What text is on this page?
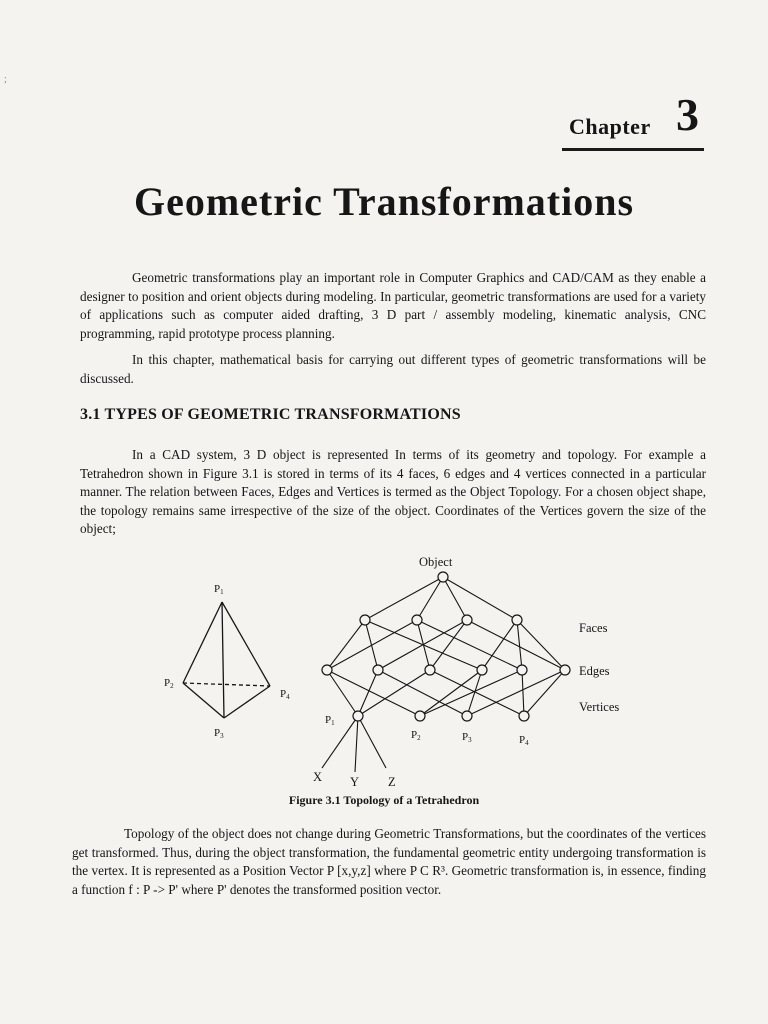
;
Chapter 3
Geometric Transformations
Geometric transformations play an important role in Computer Graphics and CAD/CAM as they enable a designer to position and orient objects during modeling. In particular, geometric transformations are used for a variety of applications such as computer aided drafting, 3 D part / assembly modeling, kinematic analysis, CNC programming, rapid prototype process planning.
In this chapter, mathematical basis for carrying out different types of geometric transformations will be discussed.
3.1 TYPES OF GEOMETRIC TRANSFORMATIONS
In a CAD system, 3 D object is represented In terms of its geometry and topology. For example a Tetrahedron shown in Figure 3.1 is stored in terms of its 4 faces, 6 edges and 4 vertices connected in a particular manner. The relation between Faces, Edges and Vertices is termed as the Object Topology. For a chosen object shape, the topology remains same irrespective of the size of the object. Coordinates of the Vertices govern the size of the object;
P1
P2
P3
P4
Object
Faces
Edges
Vertices
P1
P2	P3	P4
X Y Z
Figure 3.1 Topology of a Tetrahedron
Topology of the object does not change during Geometric Transformations, but the coordinates of the vertices get transformed. Thus, during the object transformation, the fundamental geometric entity undergoing transformation is the vertex. It is represented as a Position Vector P [x,y,z] where P C R³. Geometric transformation is, in essence, finding a function f : P -> P' where P' denotes the transformed position vector.
